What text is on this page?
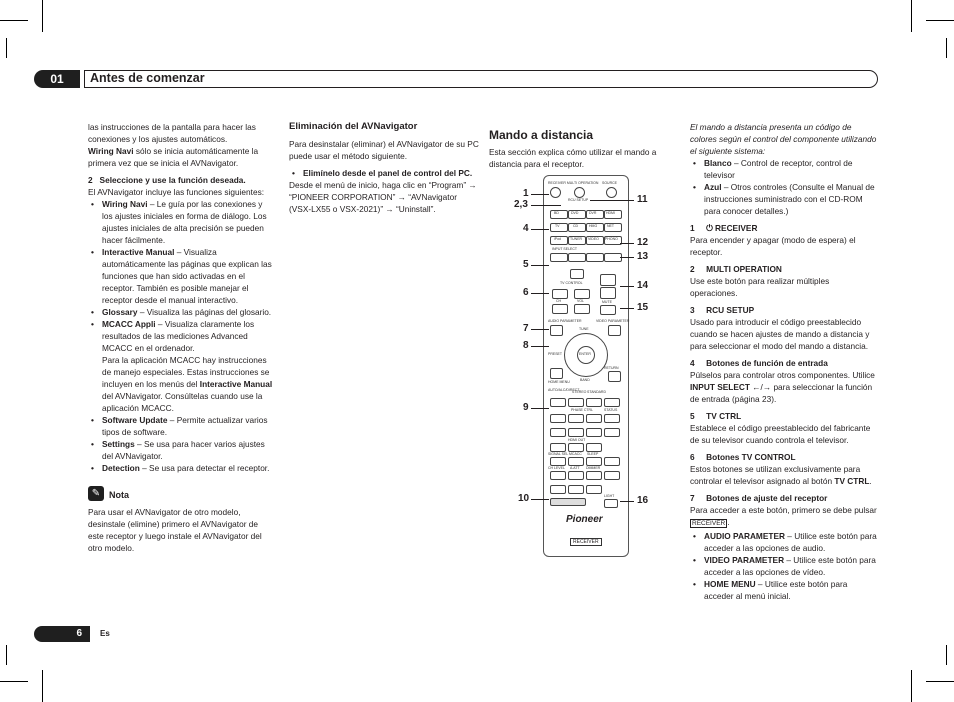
01	Antes de comenzar

las instrucciones de la pantalla para hacer las conexiones y los ajustes automáticos.

Wiring Navi sólo se inicia automáticamente la primera vez que se inicia el AVNavigator.

2 Seleccione y use la función deseada.

El AVNavigator incluye las funciones siguientes:

• Wiring Navi – Le guía por las conexiones y los ajustes iniciales en forma de diálogo. Los ajustes iniciales de alta precisión se pueden hacer fácilmente.
• Interactive Manual – Visualiza automáticamente las páginas que explican las funciones que han sido activadas en el receptor. También es posible manejar el receptor desde el manual interactivo.
• Glossary – Visualiza las páginas del glosario.
• MCACC Appli – Visualiza claramente los resultados de las mediciones Advanced MCACC en el ordenador.
Para la aplicación MCACC hay instrucciones de manejo especiales. Estas instrucciones se incluyen en los menús del Interactive Manual del AVNavigator. Consúltelas cuando use la aplicación MCACC.
• Software Update – Permite actualizar varios tipos de software.
• Settings – Se usa para hacer varios ajustes del AVNavigator.
• Detection – Se usa para detectar el receptor.
✎ Nota
Para usar el AVNavigator de otro modelo, desinstale (elimine) primero el AVNavigator de este receptor y luego instale el AVNavigator del otro modelo.
6	Es

Eliminación del AVNavigator

Para desinstalar (eliminar) el AVNavigator de su PC puede usar el método siguiente.

• Elimínelo desde el panel de control del PC.

Desde el menú de inicio, haga clic en “Program” → “PIONEER CORPORATION” → “AVNavigator (VSX-LX55 o VSX-2021)” → “Uninstall”.

Mando a distancia
Esta sección explica cómo utilizar el mando a distancia para el receptor.
RECEIVER MULTI OPERATION SOURCE
RCU SETUP
BD	DVD	DVR	HDMI
TV	CD	HMG	NET
iPod	TUNER VIDEO PHONO
INPUT SELECT
TV CONTROL
CH	VOL	MUTE
AUDIO PARAMETER	VIDEO PARAMETER
ENTER
PRESET
TUNE
HOME MENU
RETURN
BAND
AUTO/ALC/DIRECT
STEREO STANDARD
PHASE CTRL	STATUS
HDMI OUT
SIGNAL SEL MCACC SLEEP
CH LEVEL A.ATT DIMMER
LIGHT
Pioneer
RECEIVER
1
2,3
4
5
6
7
8
9
10
11
12
13
14
15
16

El mando a distancia presenta un código de colores según el control del componente utilizando el siguiente sistema:

• Blanco – Control de receptor, control de televisor
• Azul – Otros controles (Consulte el Manual de instrucciones suministrado con el CD-ROM para conocer detalles.)

1 ⏻ RECEIVER

Para encender y apagar (modo de espera) el receptor.

2 MULTI OPERATION

Use este botón para realizar múltiples operaciones.

3 RCU SETUP

Usado para introducir el código preestablecido cuando se hacen ajustes de mando a distancia y para seleccionar el modo del mando a distancia.

4 Botones de función de entrada

Púlselos para controlar otros componentes. Utilice INPUT SELECT ←/→ para seleccionar la función de entrada (página 23).

5 TV CTRL

Establece el código preestablecido del fabricante de su televisor cuando controla el televisor.

6 Botones TV CONTROL

Estos botones se utilizan exclusivamente para controlar el televisor asignado al botón TV CTRL.

7 Botones de ajuste del receptor

Para acceder a este botón, primero se debe pulsar RECEIVER .

• AUDIO PARAMETER – Utilice este botón para acceder a las opciones de audio.
• VIDEO PARAMETER – Utilice este botón para acceder a las opciones de vídeo.
• HOME MENU – Utilice este botón para acceder al menú inicial.
